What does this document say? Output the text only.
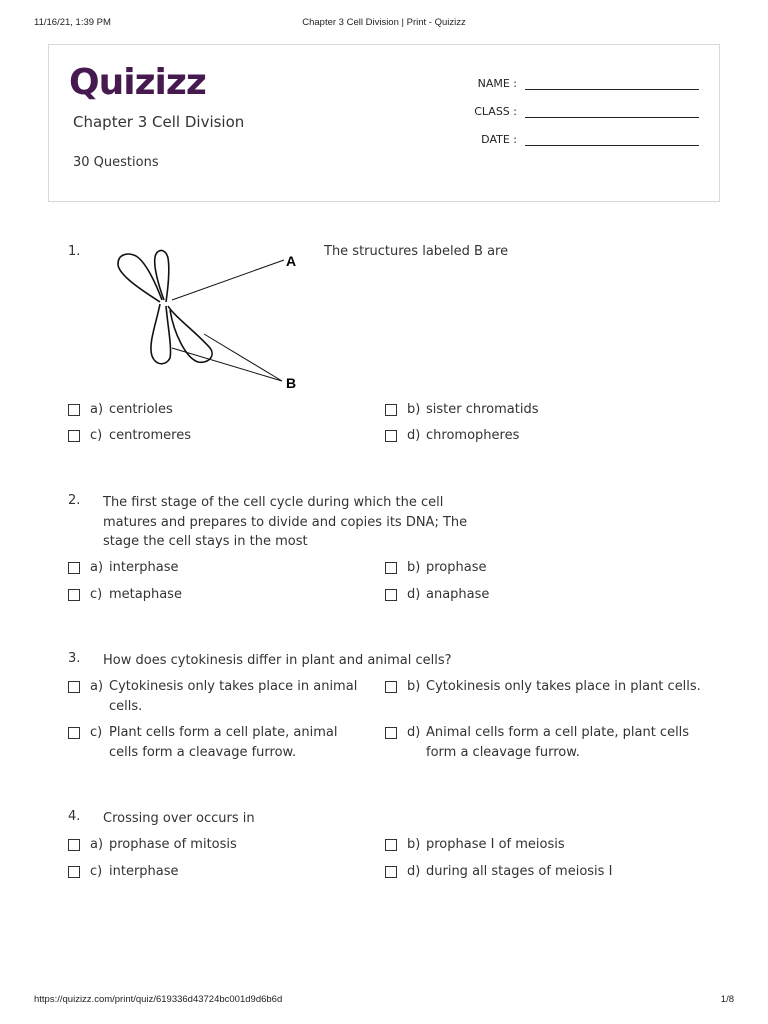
11/16/21, 1:39 PM	Chapter 3 Cell Division | Print - Quizizz
Quizizz
Chapter 3 Cell Division
30 Questions
NAME :
CLASS :
DATE :
1.
A
B
The structures labeled B are
a) centrioles	b) sister chromatids
c) centromeres	d) chromopheres
2. The first stage of the cell cycle during which the cell matures and prepares to divide and copies its DNA; The stage the cell stays in the most
a) interphase	b) prophase
c) metaphase	d) anaphase
3. How does cytokinesis differ in plant and animal cells?
a) Cytokinesis only takes place in animal cells.
b) Cytokinesis only takes place in plant cells.
c) Plant cells form a cell plate, animal cells form a cleavage furrow.
d) Animal cells form a cell plate, plant cells form a cleavage furrow.
4. Crossing over occurs in
a) prophase of mitosis	b) prophase I of meiosis
c) interphase	d) during all stages of meiosis I
https://quizizz.com/print/quiz/619336d43724bc001d9d6b6d	1/8
